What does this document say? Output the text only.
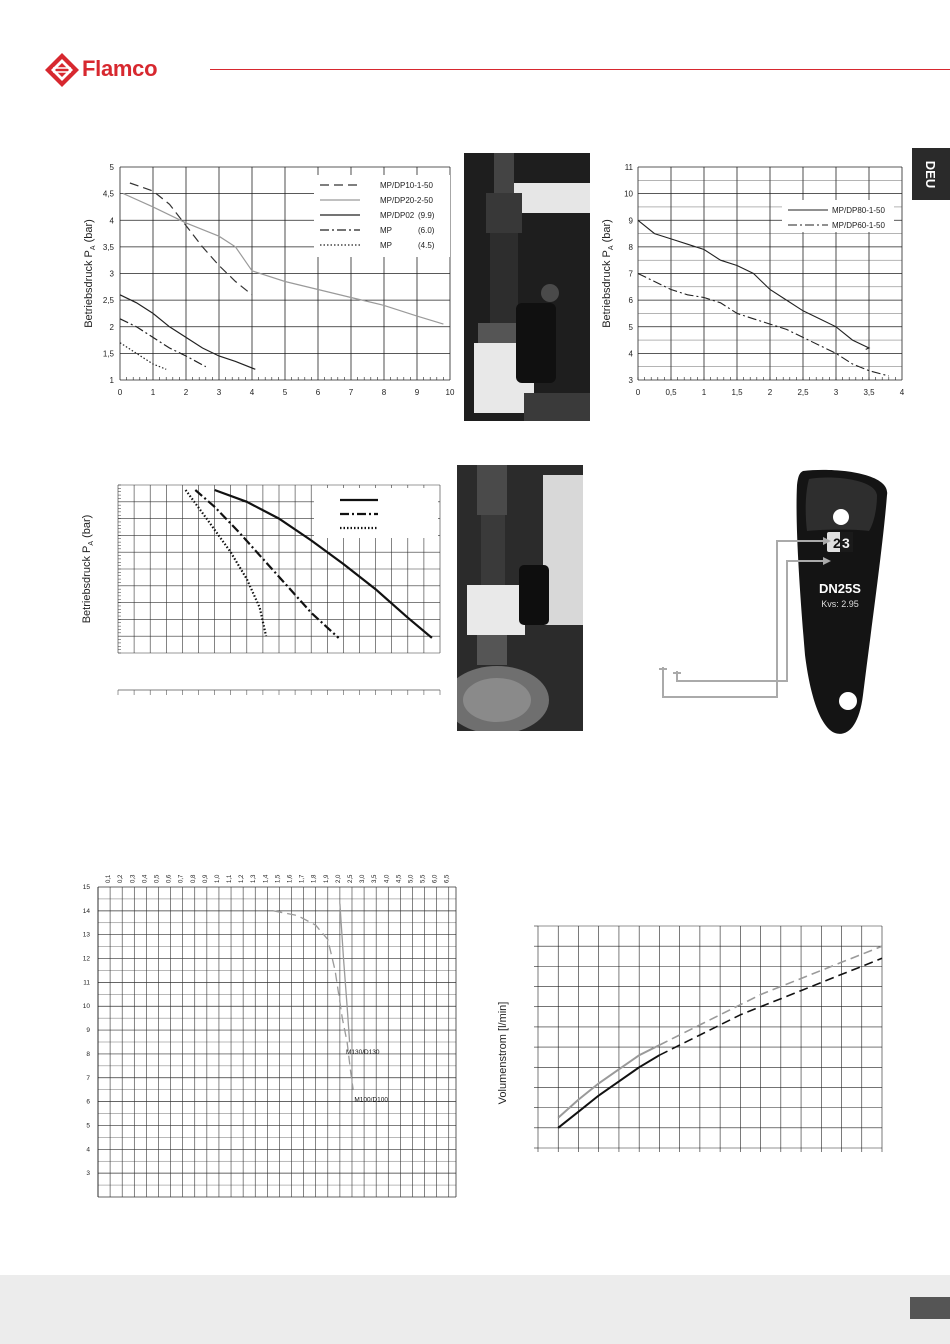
Flamco
DEU
0	1	2	3	4	5	6	7	8	9	10
1
1,5
2
2,5
3
3,5
4
4,5
5
Betriebsdruck $P_A$ (bar)
MP/DP10-1-50
MP/DP20-2-50
MP/DP02 (9.9)
MP	(6.0)
MP	(4.5)
0	0,5	1	1,5	2	2,5	3	3,5	4
3
4
5
6
7
8
9
10
11
Betriebsdruck $P_A$ (bar)
MP/DP80-1-50
MP/DP60-1-50
Betriebsdruck $P_A$ (bar)
2 3
DN25S
Kvs: 2.95
0,1 0,2 0,3 0,4 0,5 0,6 0,7 0,8 0,9 1,0 1,1 1,2 1,3 1,4 1,5 1,6 1,7 1,8 1,9 2,0 2,5 3,0 3,5 4,0 4,5 5,0 5,5 6,0 6,5
3
4
5
6
7
8
9
10
11
12
13
14
15
M130/D130
M100/D100	Volumenstrom [l/min]
